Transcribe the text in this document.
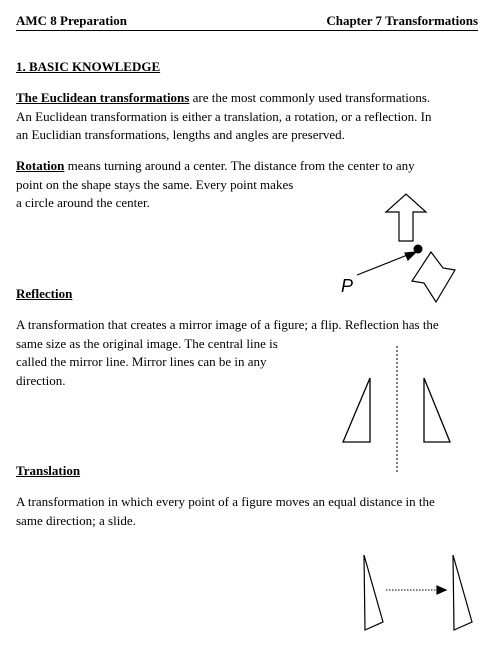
AMC 8 Preparation	Chapter 7 Transformations
1. BASIC KNOWLEDGE
The Euclidean transformations are the most commonly used transformations.
An Euclidean transformation is either a translation, a rotation, or a reflection. In
an Euclidian transformations, lengths and angles are preserved.
Rotation means turning around a center. The distance from the center to any
point on the shape stays the same. Every point makes
a circle around the center.
Reflection
A transformation that creates a mirror image of a figure; a flip. Reflection has the
same size as the original image. The central line is
called the mirror line. Mirror lines can be in any
direction.
Translation
A transformation in which every point of a figure moves an equal distance in the
same direction; a slide.
P
